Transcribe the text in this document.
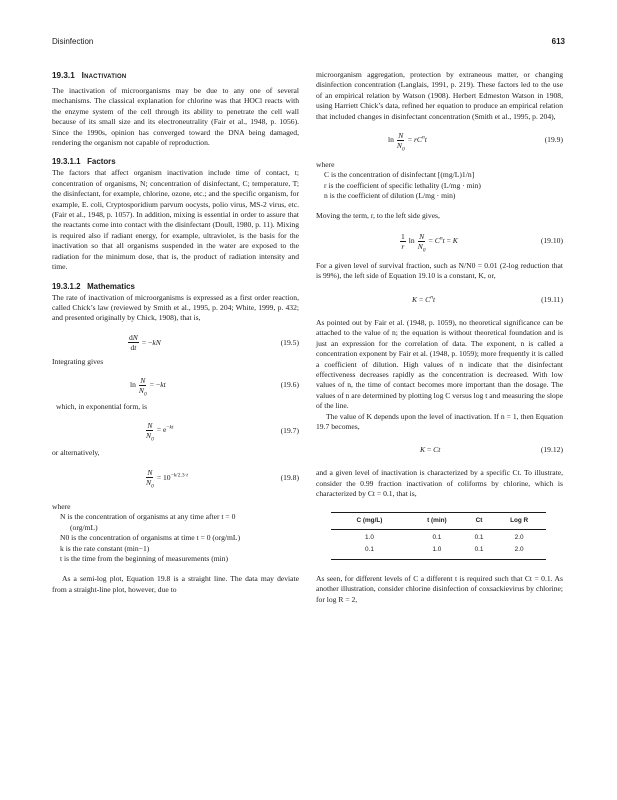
Disinfection	613
19.3.1 Inactivation

The inactivation of microorganisms may be due to any one of several mechanisms. The classical explanation for chlorine was that HOCl reacts with the enzyme system of the cell through its ability to penetrate the cell wall because of its small size and its electroneutrality (Fair et al., 1948, p. 1056). Since the 1990s, opinion has converged toward the DNA being damaged, rendering the organism not capable of reproduction.

19.3.1.1 Factors

The factors that affect organism inactivation include time of contact, t; concentration of organisms, N; concentration of disinfectant, C; temperature, T; the disinfectant, for example, chlorine, ozone, etc.; and the specific organism, for example, E. coli, Cryptosporidium parvum oocysts, polio virus, MS-2 virus, etc. (Fair et al., 1948, p. 1057). In addition, mixing is essential in order to assure that the reactants come into contact with the disinfectant (Doull, 1980, p. 11). Mixing is required also if radiant energy, for example, ultraviolet, is the basis for the inactivation so that all organisms suspended in the water are exposed to the radiation for the minimum dose, that is, the product of radiation intensity and time.

19.3.1.2 Mathematics

The rate of inactivation of microorganisms is expressed as a first order reaction, called Chick’s law (reviewed by Smith et al., 1995, p. 204; White, 1999, p. 432; and presented originally by Chick, 1908), that is,

$\frac{dN}{dt} = -kN$	(19.5)

Integrating gives

$\ln \frac{N}{N_0} = -kt$	(19.6)

which, in exponential form, is

$\frac{N}{N_0} = e^{-kt}$	(19.7)

or alternatively,

$\frac{N}{N_0} = 10^{-k/2.3\cdot t}$	(19.8)

where

N is the concentration of organisms at any time after t = 0
(org/mL)
N0 is the concentration of organisms at time t = 0 (org/mL)
k is the rate constant (min−1)
t is the time from the beginning of measurements (min)

As a semi-log plot, Equation 19.8 is a straight line. The data may deviate from a straight-line plot, however, due to

microorganism aggregation, protection by extraneous matter, or changing disinfection concentration (Langlais, 1991, p. 219). These factors led to the use of an empirical relation by Watson (1908). Herbert Edmeston Watson in 1908, using Harriett Chick’s data, refined her equation to produce an empirical relation that included changes in disinfectant concentration (Smith et al., 1995, p. 204),

$\ln \frac{N}{N_0} = rC^nt$	(19.9)

where

C is the concentration of disinfectant [(mg/L)1/n]
r is the coefficient of specific lethality (L/mg · min)
n is the coefficient of dilution (L/mg · min)

Moving the term, r, to the left side gives,

$\frac{1}{r}$ $\ln \frac{N}{N_0} = C^nt = K$	(19.10)

For a given level of survival fraction, such as N/N0 = 0.01 (2-log reduction that is 99%), the left side of Equation 19.10 is a constant, K, or,

$K = C^nt$	(19.11)

As pointed out by Fair et al. (1948, p. 1059), no theoretical significance can be attached to the value of n; the equation is without theoretical foundation and is just an expression for the correlation of data. The exponent, n is called a concentration exponent by Fair et al. (1948, p. 1059); more frequently it is called a coefficient of dilution. High values of n indicate that the disinfectant effectiveness decreases rapidly as the concentration is decreased. With low values of n, the time of contact becomes more important than the dosage. The values of n are determined by plotting log C versus log t and measuring the slope of the line.

The value of K depends upon the level of inactivation. If n = 1, then Equation 19.7 becomes,

K = Ct	(19.12)

and a given level of inactivation is characterized by a specific Ct. To illustrate, consider the 0.99 fraction inactivation of coliforms by chlorine, which is characterized by Ct = 0.1, that is,

C (mg/L)	t (min)	Ct	Log R
1.0	0.1	0.1	2.0
0.1	1.0	0.1	2.0

As seen, for different levels of C a different t is required such that Ct = 0.1. As another illustration, consider chlorine disinfection of coxsackievirus by chlorine; for log R = 2,
